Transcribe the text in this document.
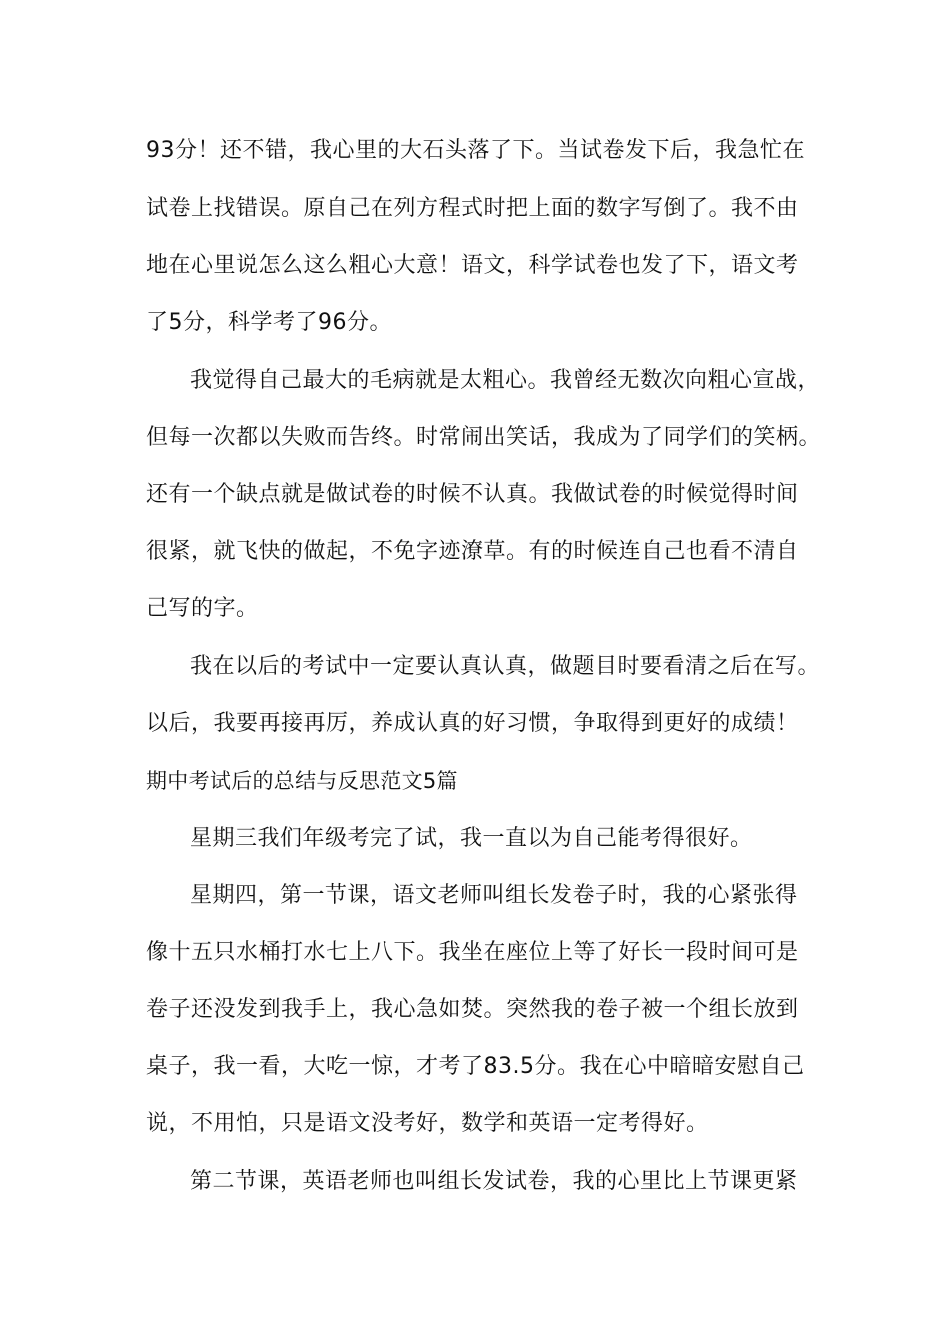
93分！还不错，我心里的大石头落了下。当试卷发下后，我急忙在
试卷上找错误。原自己在列方程式时把上面的数字写倒了。我不由
地在心里说怎么这么粗心大意！语文，科学试卷也发了下，语文考
了5分，科学考了96分。
我觉得自己最大的毛病就是太粗心。我曾经无数次向粗心宣战，
但每一次都以失败而告终。时常闹出笑话，我成为了同学们的笑柄。
还有一个缺点就是做试卷的时候不认真。我做试卷的时候觉得时间
很紧，就飞快的做起，不免字迹潦草。有的时候连自己也看不清自
己写的字。
我在以后的考试中一定要认真认真，做题目时要看清之后在写。
以后，我要再接再厉，养成认真的好习惯，争取得到更好的成绩！
期中考试后的总结与反思范文5篇
星期三我们年级考完了试，我一直以为自己能考得很好。
星期四，第一节课，语文老师叫组长发卷子时，我的心紧张得
像十五只水桶打水七上八下。我坐在座位上等了好长一段时间可是
卷子还没发到我手上，我心急如焚。突然我的卷子被一个组长放到
桌子，我一看，大吃一惊，才考了83.5分。我在心中暗暗安慰自己
说，不用怕，只是语文没考好，数学和英语一定考得好。
第二节课，英语老师也叫组长发试卷，我的心里比上节课更紧
